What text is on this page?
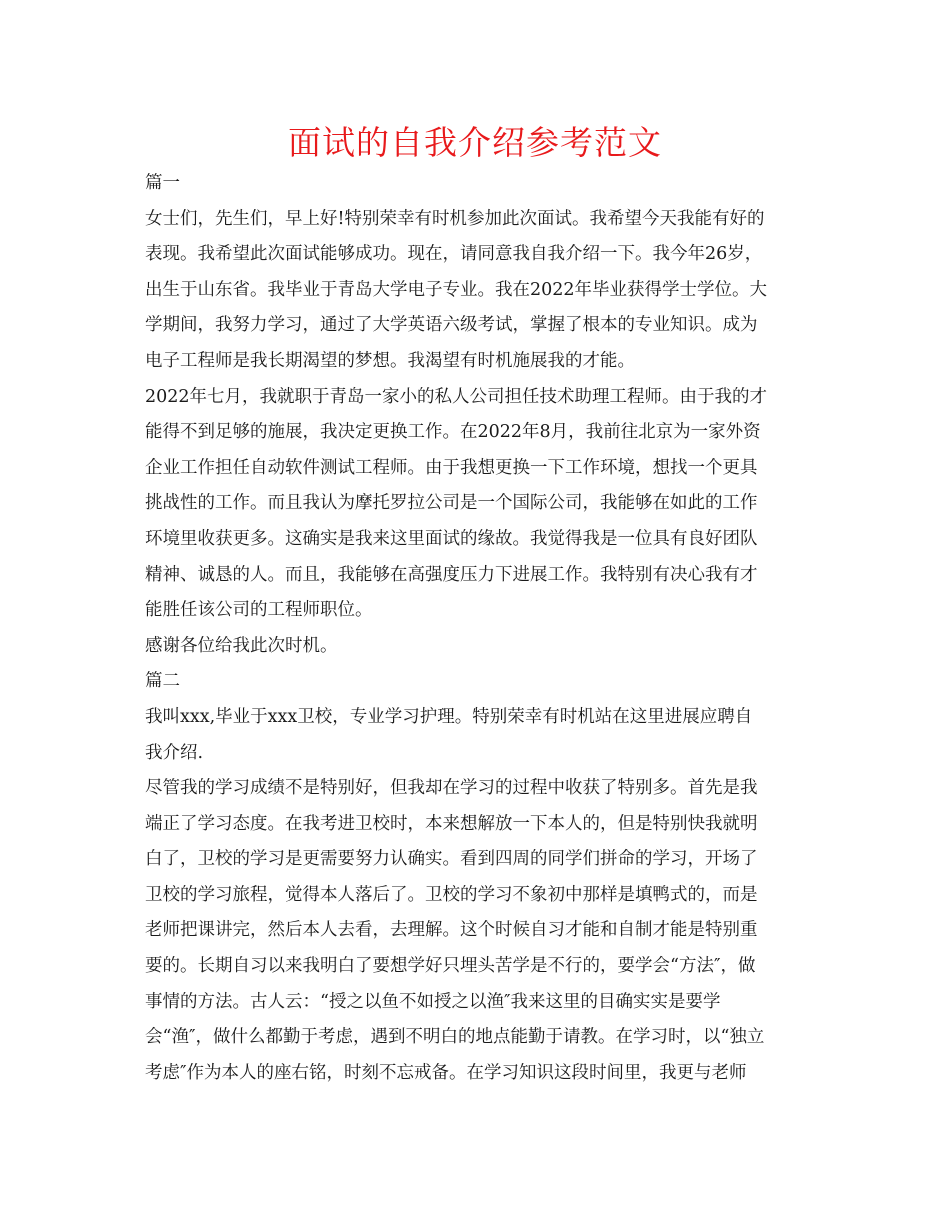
面试的自我介绍参考范文
篇一
女士们，先生们，早上好!特别荣幸有时机参加此次面试。我希望今天我能有好的
表现。我希望此次面试能够成功。现在，请同意我自我介绍一下。我今年26岁，
出生于山东省。我毕业于青岛大学电子专业。我在2022年毕业获得学士学位。大
学期间，我努力学习，通过了大学英语六级考试，掌握了根本的专业知识。成为
电子工程师是我长期渴望的梦想。我渴望有时机施展我的才能。
2022年七月，我就职于青岛一家小的私人公司担任技术助理工程师。由于我的才
能得不到足够的施展，我决定更换工作。在2022年8月，我前往北京为一家外资
企业工作担任自动软件测试工程师。由于我想更换一下工作环境，想找一个更具
挑战性的工作。而且我认为摩托罗拉公司是一个国际公司，我能够在如此的工作
环境里收获更多。这确实是我来这里面试的缘故。我觉得我是一位具有良好团队
精神、诚恳的人。而且，我能够在高强度压力下进展工作。我特别有决心我有才
能胜任该公司的工程师职位。
感谢各位给我此次时机。
篇二
我叫xxx,毕业于xxx卫校，专业学习护理。特别荣幸有时机站在这里进展应聘自
我介绍.
尽管我的学习成绩不是特别好，但我却在学习的过程中收获了特别多。首先是我
端正了学习态度。在我考进卫校时，本来想解放一下本人的，但是特别快我就明
白了，卫校的学习是更需要努力认确实。看到四周的同学们拼命的学习，开场了
卫校的学习旅程，觉得本人落后了。卫校的学习不象初中那样是填鸭式的，而是
老师把课讲完，然后本人去看，去理解。这个时候自习才能和自制才能是特别重
要的。长期自习以来我明白了要想学好只埋头苦学是不行的，要学会“方法″，做
事情的方法。古人云：“授之以鱼不如授之以渔″我来这里的目确实实是要学
会“渔″，做什么都勤于考虑，遇到不明白的地点能勤于请教。在学习时，以“独立
考虑″作为本人的座右铭，时刻不忘戒备。在学习知识这段时间里，我更与老师
